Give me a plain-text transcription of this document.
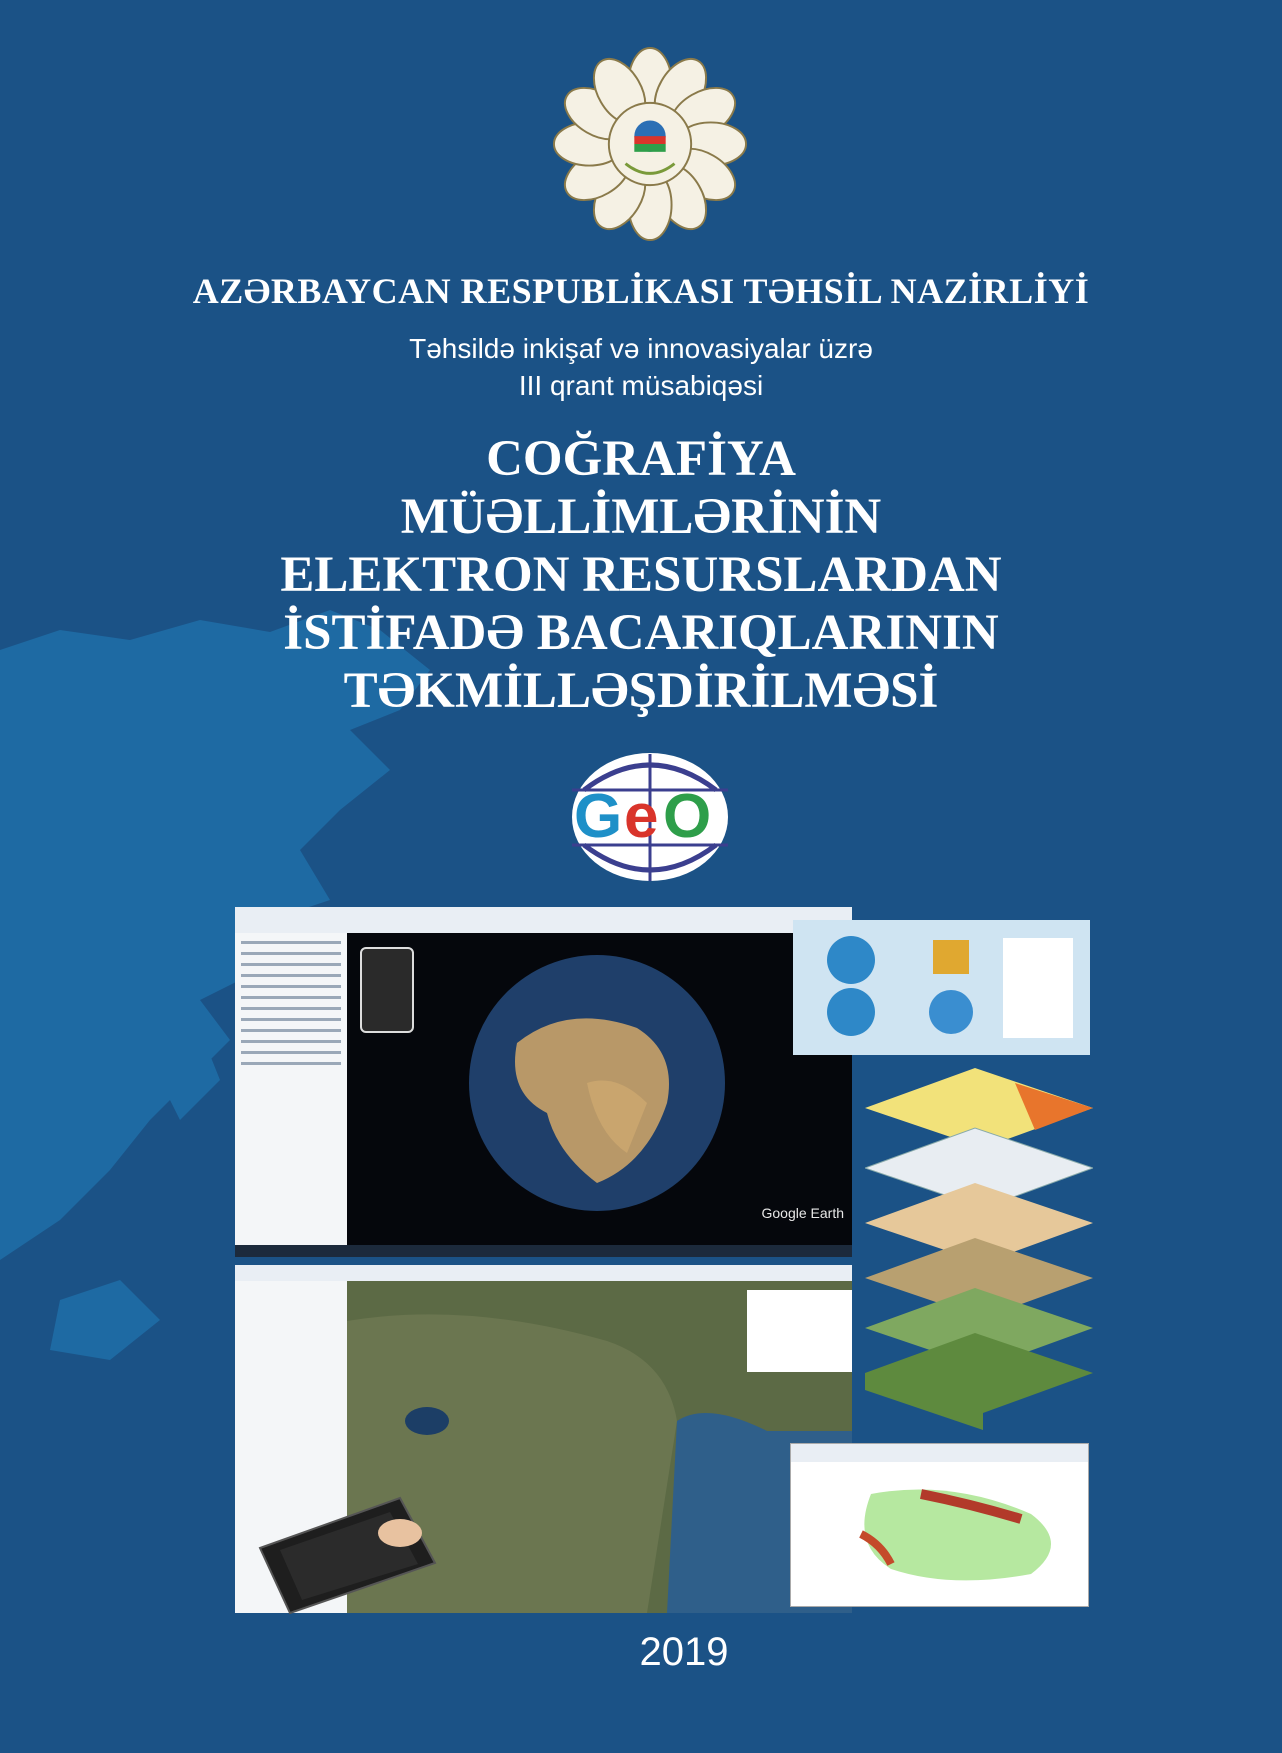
AZƏRBAYCAN RESPUBLİKASI TƏHSİL NAZİRLİYİ
Təhsildə inkişaf və innovasiyalar üzrə
III qrant müsabiqəsi
COĞRAFİYA
MÜƏLLİMLƏRİNİN
ELEKTRON RESURSLARDAN
İSTİFADƏ BACARIQLARININ
TƏKMİLLƏŞDİRİLMƏSİ
G e O
Google Earth
2019
